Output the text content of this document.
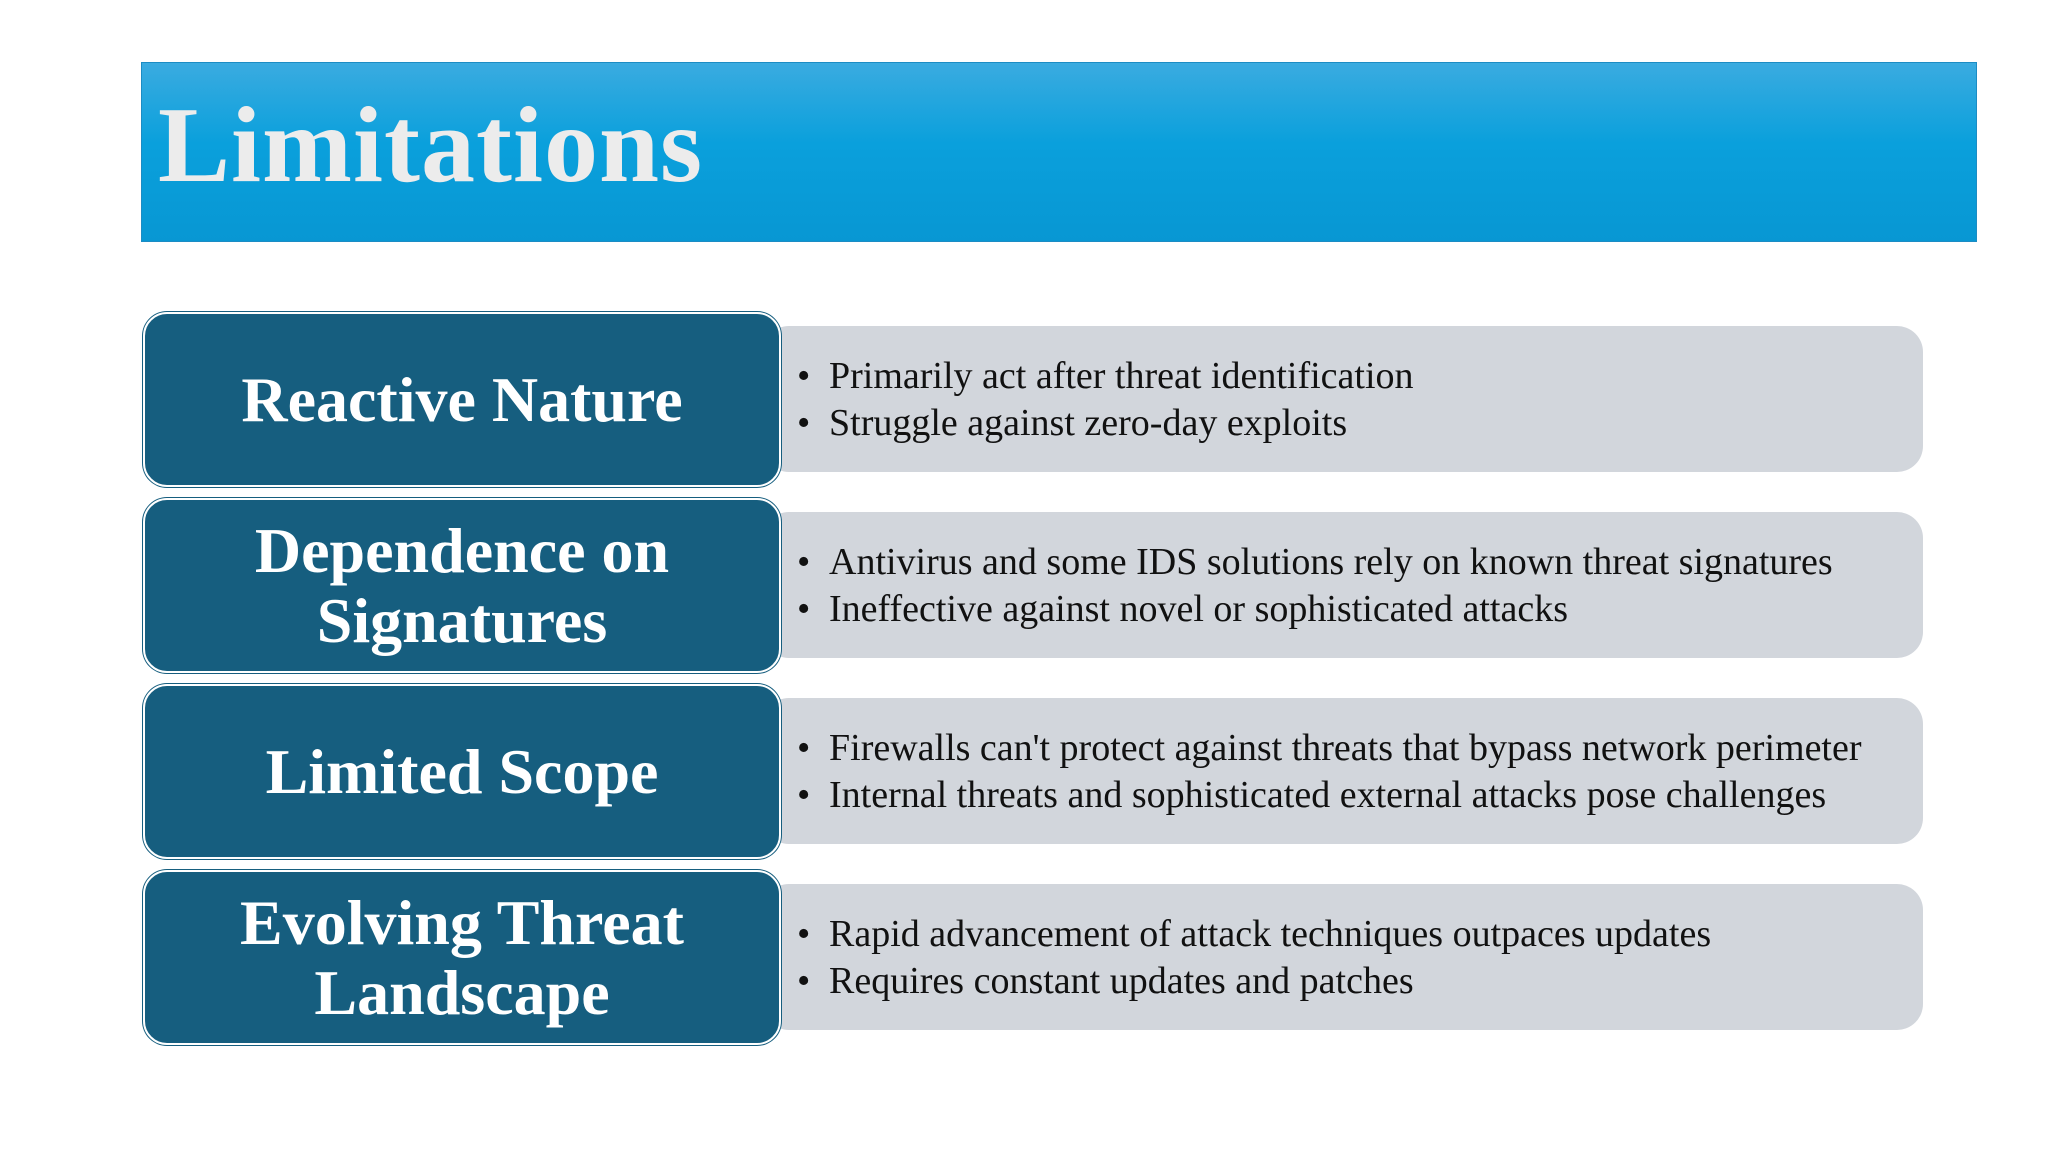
Limitations
Reactive Nature	• Primarily act after threat identification
• Struggle against zero-day exploits
Dependence on Signatures
• Antivirus and some IDS solutions rely on known threat signatures
• Ineffective against novel or sophisticated attacks
Limited Scope	• Firewalls can't protect against threats that bypass network perimeter
• Internal threats and sophisticated external attacks pose challenges
Evolving Threat Landscape
• Rapid advancement of attack techniques outpaces updates
• Requires constant updates and patches
